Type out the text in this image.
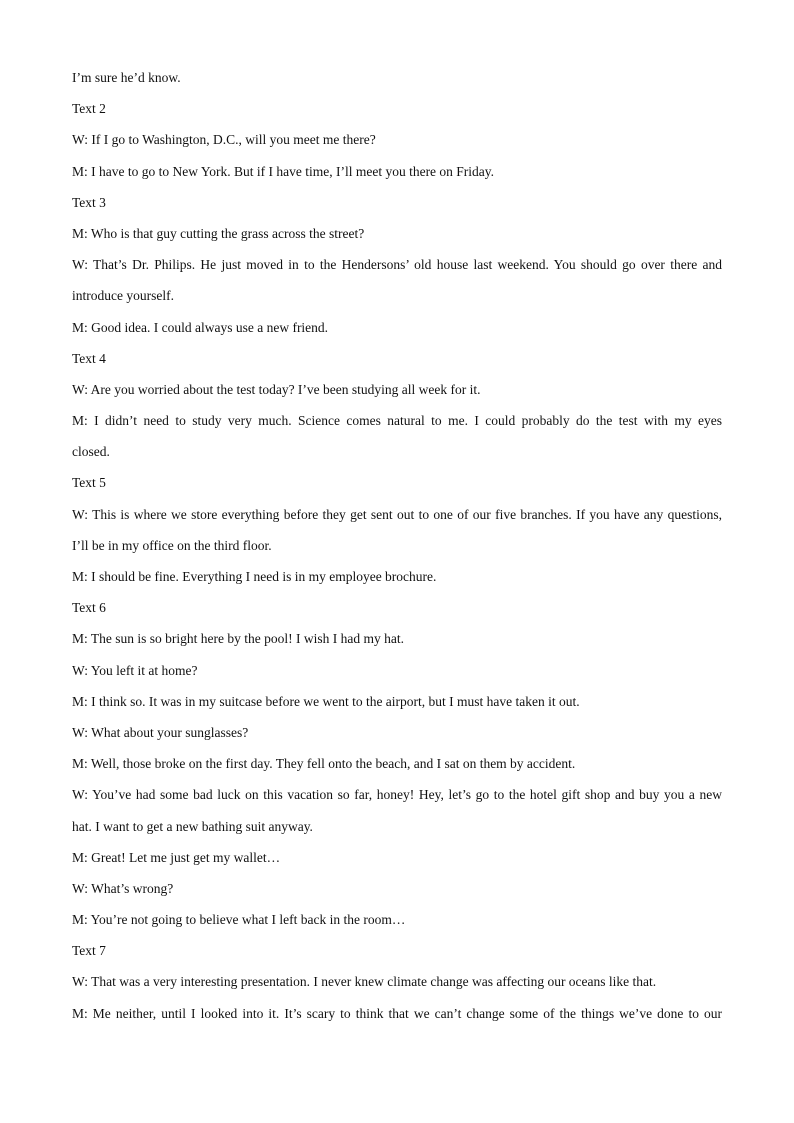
I’m sure he’d know.
Text 2
W: If I go to Washington, D.C., will you meet me there?
M: I have to go to New York. But if I have time, I’ll meet you there on Friday.
Text 3
M: Who is that guy cutting the grass across the street?
W: That’s Dr. Philips. He just moved in to the Hendersons’ old house last weekend. You should go over there and
introduce yourself.
M: Good idea. I could always use a new friend.
Text 4
W: Are you worried about the test today? I’ve been studying all week for it.
M: I didn’t need to study very much. Science comes natural to me. I could probably do the test with my eyes
closed.
Text 5
W: This is where we store everything before they get sent out to one of our five branches. If you have any questions,
I’ll be in my office on the third floor.
M: I should be fine. Everything I need is in my employee brochure.
Text 6
M: The sun is so bright here by the pool! I wish I had my hat.
W: You left it at home?
M: I think so. It was in my suitcase before we went to the airport, but I must have taken it out.
W: What about your sunglasses?
M: Well, those broke on the first day. They fell onto the beach, and I sat on them by accident.
W: You’ve had some bad luck on this vacation so far, honey! Hey, let’s go to the hotel gift shop and buy you a new
hat. I want to get a new bathing suit anyway.
M: Great! Let me just get my wallet…
W: What’s wrong?
M: You’re not going to believe what I left back in the room…
Text 7
W: That was a very interesting presentation. I never knew climate change was affecting our oceans like that.
M: Me neither, until I looked into it. It’s scary to think that we can’t change some of the things we’ve done to our
